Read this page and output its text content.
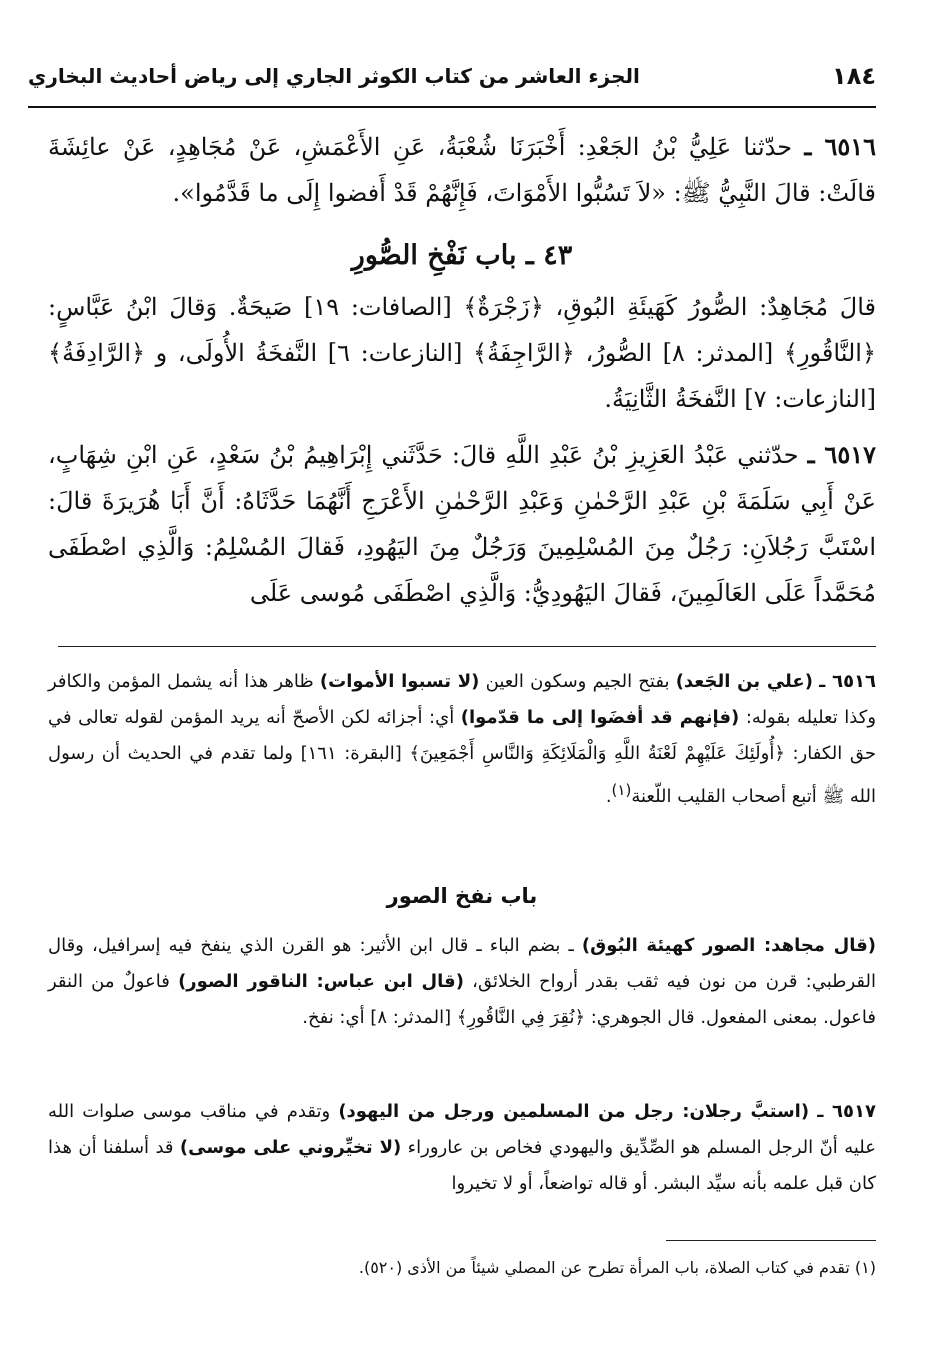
١٨٤
الجزء العاشر من كتاب الكوثر الجاري إلى رياض أحاديث البخاري

٦٥١٦ ـ حدّثنا عَلِيُّ بْنُ الجَعْدِ: أَخْبَرَنَا شُعْبَةُ، عَنِ الأَعْمَشِ، عَنْ مُجَاهِدٍ، عَنْ عائِشَةَ قالَتْ: قالَ النَّبِيُّ ﷺ: «لاَ تَسُبُّوا الأَمْوَاتَ، فَإِنَّهُمْ قَدْ أَفضوا إِلَى ما قَدَّمُوا».

٤٣ ـ باب نَفْخِ الصُّورِ

قالَ مُجَاهِدٌ: الصُّورُ كَهَيئَةِ البُوقِ، ﴿زَجْرَةٌ﴾ [الصافات: ١٩] صَيحَةٌ. وَقالَ ابْنُ عَبَّاسٍ: ﴿النَّاقُورِ﴾ [المدثر: ٨] الصُّورُ، ﴿الرَّاجِفَةُ﴾ [النازعات: ٦] النَّفخَةُ الأُولَى، و ﴿الرَّادِفَةُ﴾ [النازعات: ٧] النَّفخَةُ الثَّانِيَةُ.

٦٥١٧ ـ حدّثني عَبْدُ العَزِيزِ بْنُ عَبْدِ اللَّهِ قالَ: حَدَّثَني إِبْرَاهِيمُ بْنُ سَعْدٍ، عَنِ ابْنِ شِهَابٍ، عَنْ أَبِي سَلَمَةَ بْنِ عَبْدِ الرَّحْمٰنِ وَعَبْدِ الرَّحْمٰنِ الأَعْرَجِ أَنَّهُمَا حَدَّثَاهُ: أَنَّ أَبَا هُرَيرَةَ قالَ: اسْتَبَّ رَجُلاَنِ: رَجُلٌ مِنَ المُسْلِمِينَ وَرَجُلٌ مِنَ اليَهُودِ، فَقالَ المُسْلِمُ: وَالَّذِي اصْطَفَى مُحَمَّداً عَلَى العَالَمِينَ، فَقالَ اليَهُودِيُّ: وَالَّذِي اصْطَفَى مُوسى عَلَى

٦٥١٦ ـ (علي بن الجَعد) بفتح الجيم وسكون العين (لا تسبوا الأموات) ظاهر هذا أنه يشمل المؤمن والكافر وكذا تعليله بقوله: (فإنهم قد أفضَوا إلى ما قدّموا) أي: أجزائه لكن الأصحّ أنه يريد المؤمن لقوله تعالى في حق الكفار: ﴿أُولَئِكَ عَلَيْهِمْ لَعْنَةُ اللَّهِ وَالْمَلَائِكَةِ وَالنَّاسِ أَجْمَعِينَ﴾ [البقرة: ١٦١] ولما تقدم في الحديث أن رسول الله ﷺ أتبع أصحاب القليب اللّعنة$^{(١)}$.

باب نفخ الصور

(قال مجاهد: الصور كهيئة البُوق) ـ بضم الباء ـ قال ابن الأثير: هو القرن الذي ينفخ فيه إسرافيل، وقال القرطبي: قرن من نون فيه ثقب بقدر أرواح الخلائق، (قال ابن عباس: الناقور الصور) فاعولٌ من النقر فاعول. بمعنى المفعول. قال الجوهري: ﴿نُقِرَ فِي النَّاقُورِ﴾ [المدثر: ٨] أي: نفخ.

٦٥١٧ ـ (استبَّ رجلان: رجل من المسلمين ورجل من اليهود) وتقدم في مناقب موسى صلوات الله عليه أنّ الرجل المسلم هو الصِّدِّيق واليهودي فخاص بن عاروراء (لا تخيِّروني على موسى) قد أسلفنا أن هذا كان قبل علمه بأنه سيِّد البشر. أو قاله تواضعاً، أو لا تخيروا

(١) تقدم في كتاب الصلاة، باب المرأة تطرح عن المصلي شيئاً من الأذى (٥٢٠).
